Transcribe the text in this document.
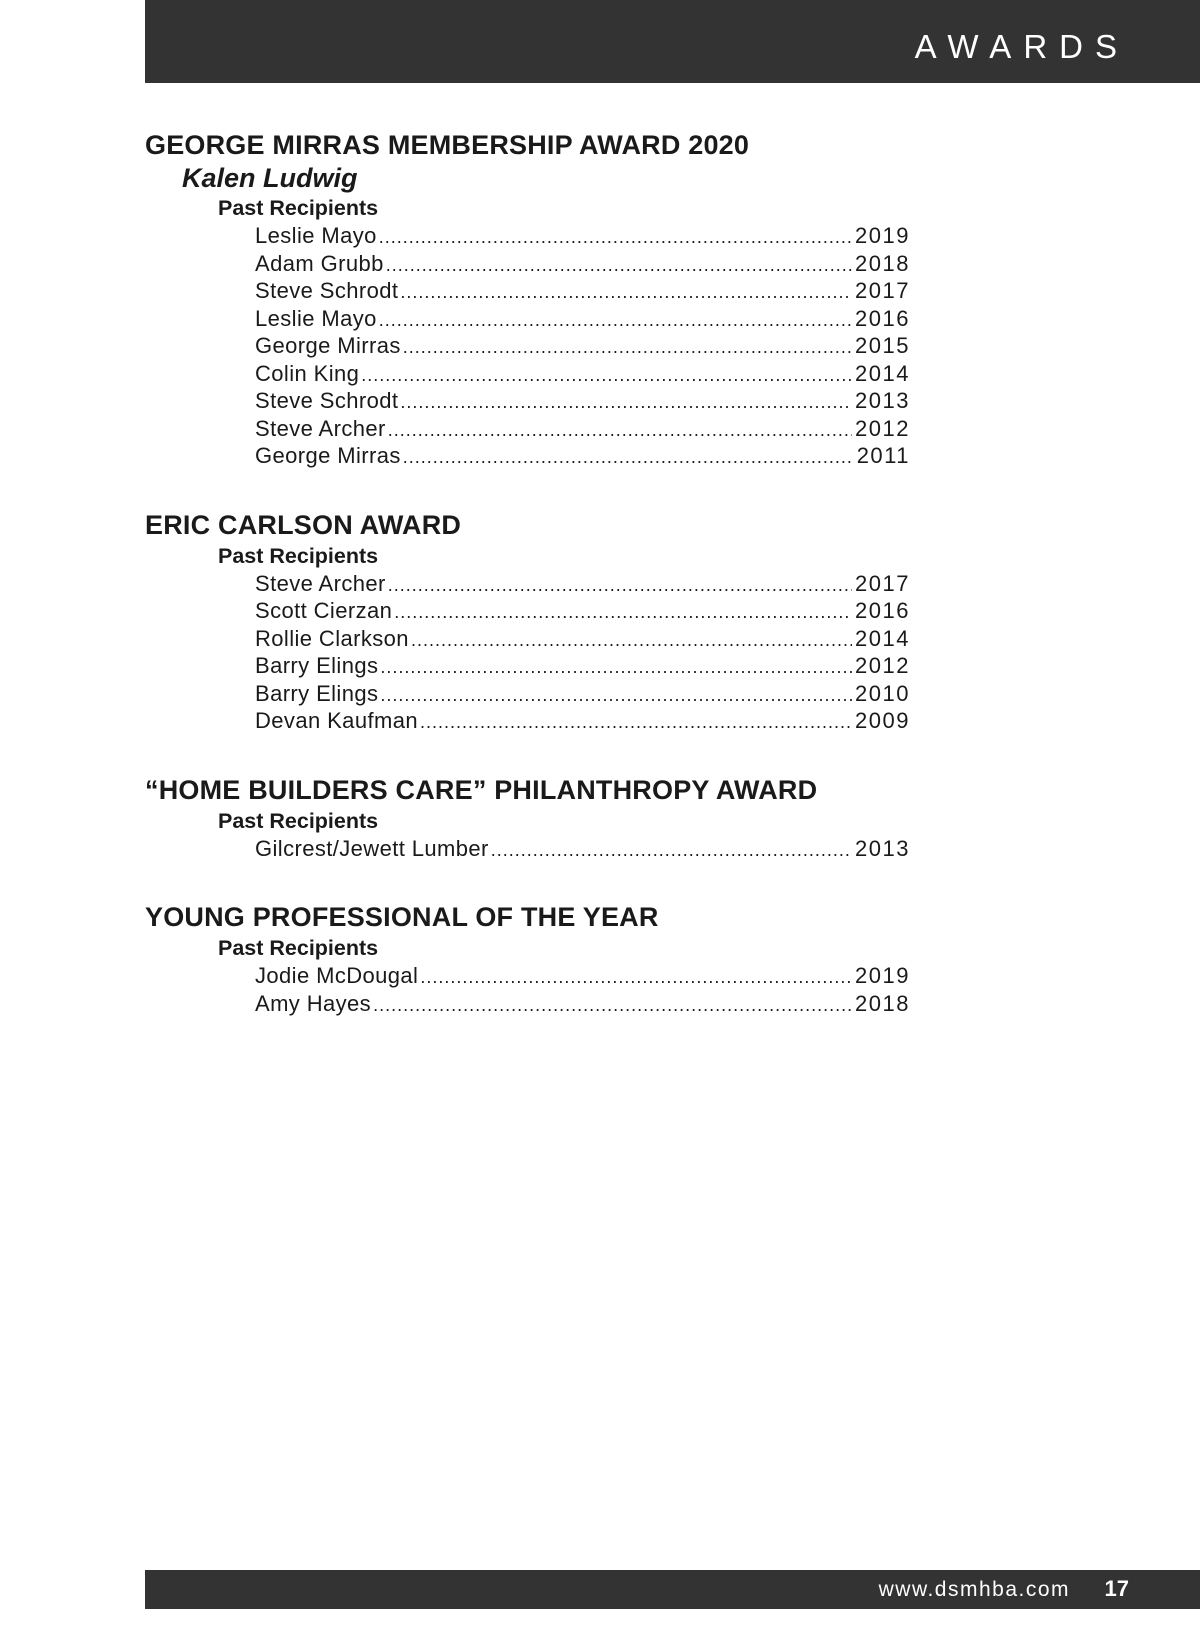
AWARDS
GEORGE MIRRAS MEMBERSHIP AWARD 2020
Kalen Ludwig
Past Recipients
Leslie Mayo .....	2019
Adam Grubb .....	2018
Steve Schrodt .....	2017
Leslie Mayo .....	2016
George Mirras .....	2015
Colin King .....	2014
Steve Schrodt .....	2013
Steve Archer .....	2012
George Mirras .....	2011
ERIC CARLSON AWARD
Past Recipients
Steve Archer .....	2017
Scott Cierzan .....	2016
Rollie Clarkson .....	2014
Barry Elings .....	2012
Barry Elings .....	2010
Devan Kaufman .....	2009
“HOME BUILDERS CARE” PHILANTHROPY AWARD
Past Recipients
Gilcrest/Jewett Lumber .....	2013
YOUNG PROFESSIONAL OF THE YEAR
Past Recipients
Jodie McDougal .....	2019
Amy Hayes .....	2018
www.dsmhba.com 17
